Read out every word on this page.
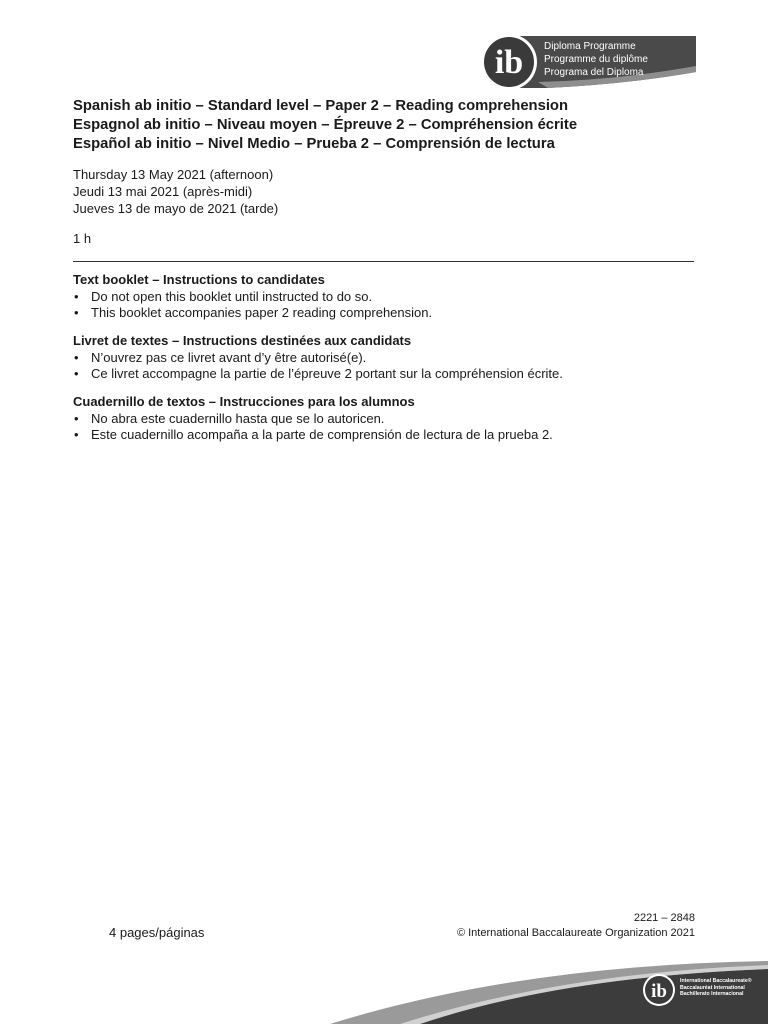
ib Diploma Programme
Programme du diplôme
Programa del Diploma
Spanish ab initio – Standard level – Paper 2 – Reading comprehension
Espagnol ab initio – Niveau moyen – Épreuve 2 – Compréhension écrite
Español ab initio – Nivel Medio – Prueba 2 – Comprensión de lectura
Thursday 13 May 2021 (afternoon)
Jeudi 13 mai 2021 (après-midi)
Jueves 13 de mayo de 2021 (tarde)
1 h
Text booklet – Instructions to candidates
• Do not open this booklet until instructed to do so.
• This booklet accompanies paper 2 reading comprehension.
Livret de textes – Instructions destinées aux candidats
• N’ouvrez pas ce livret avant d’y être autorisé(e).
• Ce livret accompagne la partie de l’épreuve 2 portant sur la compréhension écrite.
Cuadernillo de textos – Instrucciones para los alumnos
• No abra este cuadernillo hasta que se lo autoricen.
• Este cuadernillo acompaña a la parte de comprensión de lectura de la prueba 2.
4 pages/páginas
2221 – 2848
© International Baccalaureate Organization 2021
ib	International Baccalaureate®
Baccalauréat International
Bachillerato Internacional
